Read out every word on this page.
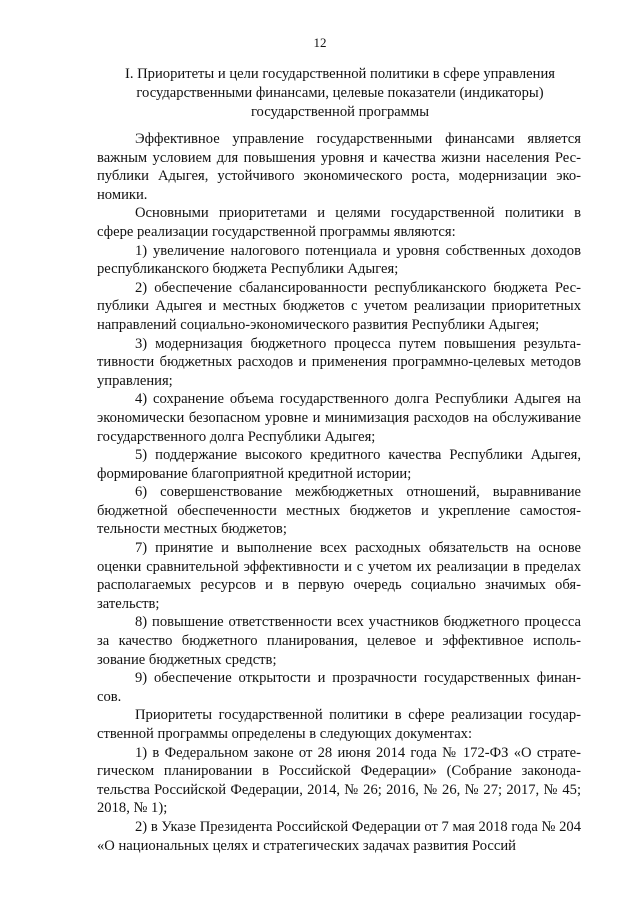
12
I. Приоритеты и цели государственной политики в сфере управления государственными финансами, целевые показатели (индикаторы) государственной программы

Эффективное управление государственными финансами является важным условием для повышения уровня и качества жизни населения Республики Адыгея, устойчивого экономического роста, модернизации экономики.

Основными приоритетами и целями государственной политики в сфере реализации государственной программы являются:

1) увеличение налогового потенциала и уровня собственных доходов республиканского бюджета Республики Адыгея;

2) обеспечение сбалансированности республиканского бюджета Республики Адыгея и местных бюджетов с учетом реализации приоритетных направлений социально-экономического развития Республики Адыгея;

3) модернизация бюджетного процесса путем повышения результативности бюджетных расходов и применения программно-целевых методов управления;

4) сохранение объема государственного долга Республики Адыгея на экономически безопасном уровне и минимизация расходов на обслуживание государственного долга Республики Адыгея;

5) поддержание высокого кредитного качества Республики Адыгея, формирование благоприятной кредитной истории;

6) совершенствование межбюджетных отношений, выравнивание бюджетной обеспеченности местных бюджетов и укрепление самостоятельности местных бюджетов;

7) принятие и выполнение всех расходных обязательств на основе оценки сравнительной эффективности и с учетом их реализации в пределах располагаемых ресурсов и в первую очередь социально значимых обязательств;

8) повышение ответственности всех участников бюджетного процесса за качество бюджетного планирования, целевое и эффективное использование бюджетных средств;

9) обеспечение открытости и прозрачности государственных финансов.

Приоритеты государственной политики в сфере реализации государственной программы определены в следующих документах:

1) в Федеральном законе от 28 июня 2014 года № 172-ФЗ «О стратегическом планировании в Российской Федерации» (Собрание законодательства Российской Федерации, 2014, № 26; 2016, № 26, № 27; 2017, № 45; 2018, № 1);

2) в Указе Президента Российской Федерации от 7 мая 2018 года № 204 «О национальных целях и стратегических задачах развития Россий
